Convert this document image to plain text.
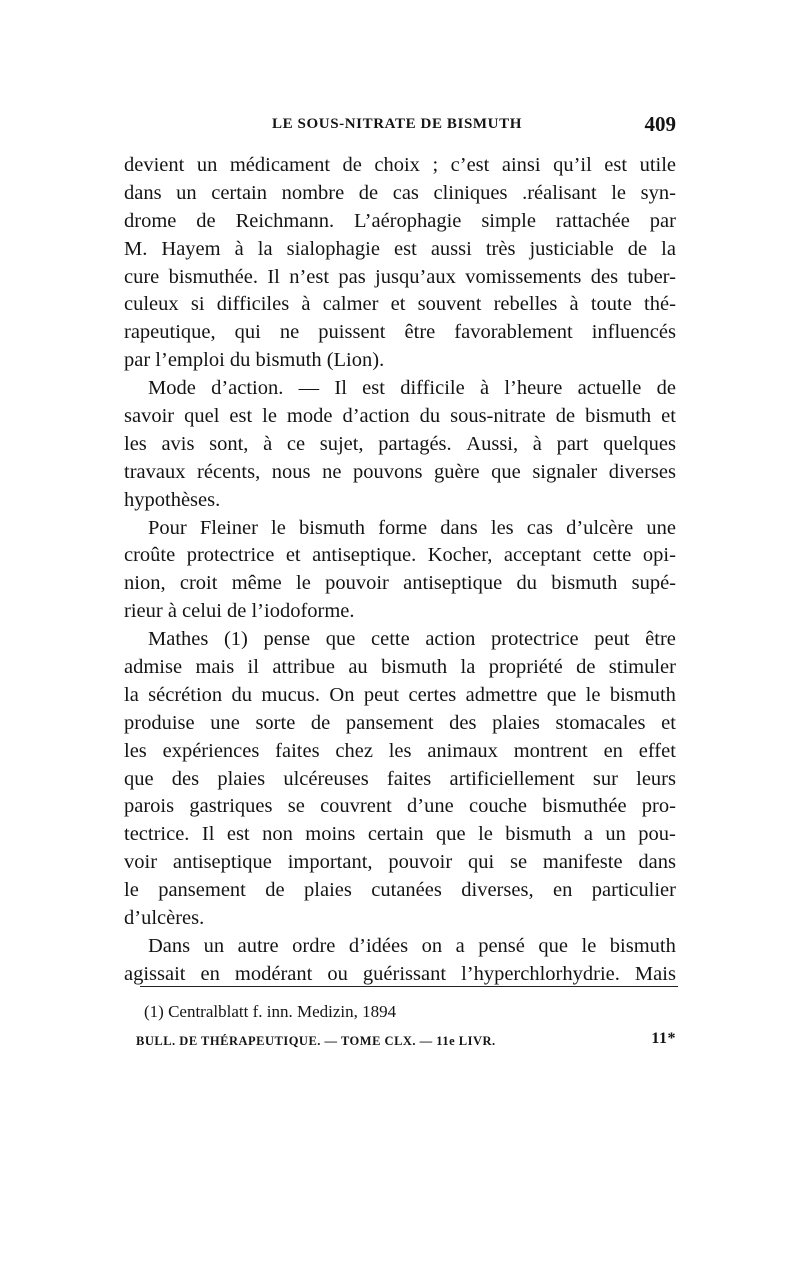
LE SOUS-NITRATE DE BISMUTH	409
devient un médicament de choix ; c’est ainsi qu’il est utile
dans un certain nombre de cas cliniques .réalisant le syn-
drome de Reichmann. L’aérophagie simple rattachée par
M. Hayem à la sialophagie est aussi très justiciable de la
cure bismuthée. Il n’est pas jusqu’aux vomissements des tuber-
culeux si difficiles à calmer et souvent rebelles à toute thé-
rapeutique, qui ne puissent être favorablement influencés
par l’emploi du bismuth (Lion).
Mode d’action. — Il est difficile à l’heure actuelle de
savoir quel est le mode d’action du sous-nitrate de bismuth et
les avis sont, à ce sujet, partagés. Aussi, à part quelques
travaux récents, nous ne pouvons guère que signaler diverses
hypothèses.
Pour Fleiner le bismuth forme dans les cas d’ulcère une
croûte protectrice et antiseptique. Kocher, acceptant cette opi-
nion, croit même le pouvoir antiseptique du bismuth supé-
rieur à celui de l’iodoforme.
Mathes (1) pense que cette action protectrice peut être
admise mais il attribue au bismuth la propriété de stimuler
la sécrétion du mucus. On peut certes admettre que le bismuth
produise une sorte de pansement des plaies stomacales et
les expériences faites chez les animaux montrent en effet
que des plaies ulcéreuses faites artificiellement sur leurs
parois gastriques se couvrent d’une couche bismuthée pro-
tectrice. Il est non moins certain que le bismuth a un pou-
voir antiseptique important, pouvoir qui se manifeste dans
le pansement de plaies cutanées diverses, en particulier
d’ulcères.
Dans un autre ordre d’idées on a pensé que le bismuth
agissait en modérant ou guérissant l’hyperchlorhydrie. Mais
(1) Centralblatt f. inn. Medizin, 1894
BULL. DE THÉRAPEUTIQUE. — TOME CLX. — 11e LIVR.	11*
